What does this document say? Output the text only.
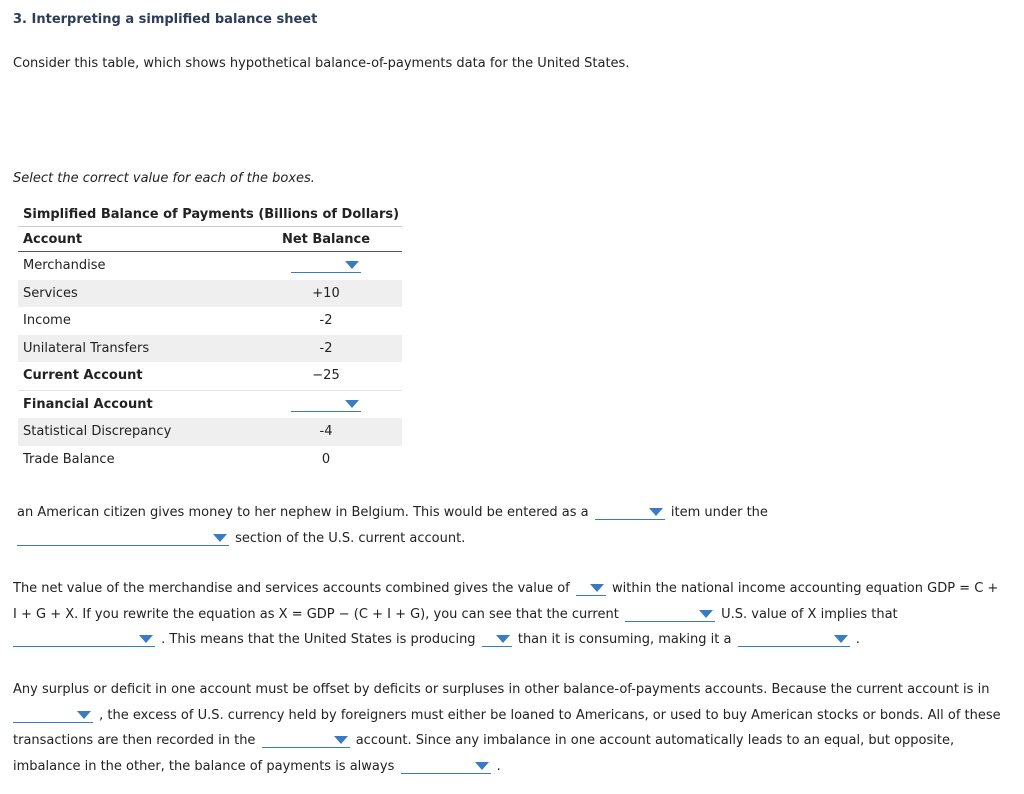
3. Interpreting a simplified balance sheet
Consider this table, which shows hypothetical balance-of-payments data for the United States.
Select the correct value for each of the boxes.
Simplified Balance of Payments (Billions of Dollars)
Account	Net Balance
Merchandise
Services	+10
Income	-2
Unilateral Transfers	-2
Current Account	−25
Financial Account
Statistical Discrepancy	-4
Trade Balance	0
an American citizen gives money to her nephew in Belgium. This would be entered as a	item under the
section of the U.S. current account.
The net value of the merchandise and services accounts combined gives the value of	within the national income accounting equation GDP = C + I + G + X. If you rewrite the equation as X = GDP − (C + I + G), you can see that the current	U.S. value of X implies that
. This means that the United States is producing	than it is consuming, making it a	.
Any surplus or deficit in one account must be offset by deficits or surpluses in other balance-of-payments accounts. Because the current account is in
, the excess of U.S. currency held by foreigners must either be loaned to Americans, or used to buy American stocks or bonds. All of these transactions are then recorded in the	account. Since any imbalance in one account automatically leads to an equal, but opposite, imbalance in the other, the balance of payments is always	.
